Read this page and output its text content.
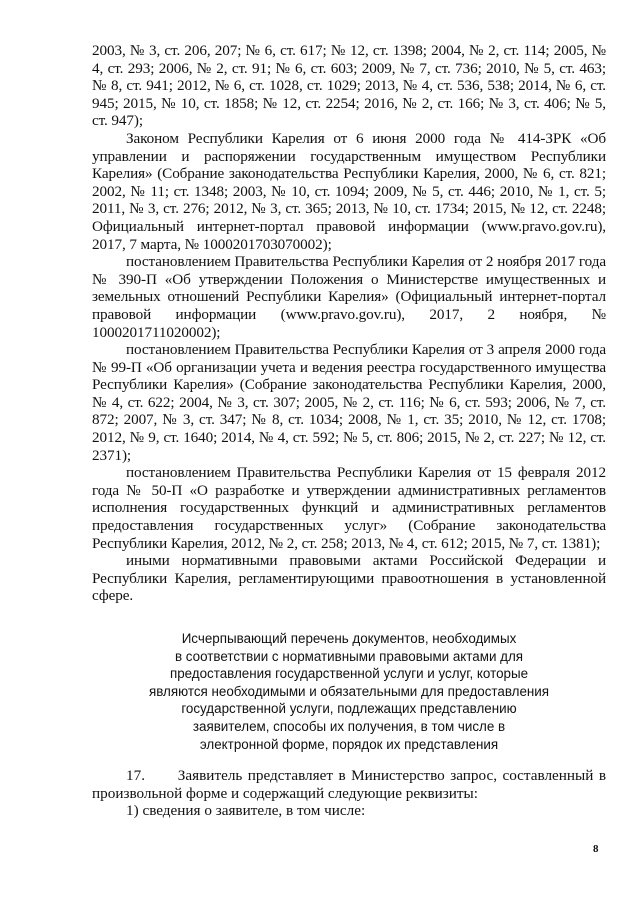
2003, № 3, ст. 206, 207; № 6, ст. 617; № 12, ст. 1398; 2004, № 2, ст. 114; 2005, № 4, ст. 293; 2006, № 2, ст. 91; № 6, ст. 603; 2009, № 7, ст. 736; 2010, № 5, ст. 463; № 8, ст. 941; 2012, № 6, ст. 1028, ст. 1029; 2013, № 4, ст. 536, 538; 2014, № 6, ст. 945; 2015, № 10, ст. 1858; № 12, ст. 2254; 2016, № 2, ст. 166; № 3, ст. 406; № 5, ст. 947);

Законом Республики Карелия от 6 июня 2000 года № 414-ЗРК «Об управлении и распоряжении государственным имуществом Республики Карелия» (Собрание законодательства Республики Карелия, 2000, № 6, ст. 821; 2002, № 11; ст. 1348; 2003, № 10, ст. 1094; 2009, № 5, ст. 446; 2010, № 1, ст. 5; 2011, № 3, ст. 276; 2012, № 3, ст. 365; 2013, № 10, ст. 1734; 2015, № 12, ст. 2248; Официальный интернет-портал правовой информации (www.pravo.gov.ru), 2017, 7 марта, № 1000201703070002);

постановлением Правительства Республики Карелия от 2 ноября 2017 года № 390-П «Об утверждении Положения о Министерстве имущественных и земельных отношений Республики Карелия» (Официальный интернет-портал правовой информации (www.pravo.gov.ru), 2017, 2 ноября, № 1000201711020002);

постановлением Правительства Республики Карелия от 3 апреля 2000 года № 99-П «Об организации учета и ведения реестра государственного имущества Республики Карелия» (Собрание законодательства Республики Карелия, 2000, № 4, ст. 622; 2004, № 3, ст. 307; 2005, № 2, ст. 116; № 6, ст. 593; 2006, № 7, ст. 872; 2007, № 3, ст. 347; № 8, ст. 1034; 2008, № 1, ст. 35; 2010, № 12, ст. 1708; 2012, № 9, ст. 1640; 2014, № 4, ст. 592; № 5, ст. 806; 2015, № 2, ст. 227; № 12, ст. 2371);

постановлением Правительства Республики Карелия от 15 февраля 2012 года № 50-П «О разработке и утверждении административных регламентов исполнения государственных функций и административных регламентов предоставления государственных услуг» (Собрание законодательства Республики Карелия, 2012, № 2, ст. 258; 2013, № 4, ст. 612; 2015, № 7, ст. 1381);

иными нормативными правовыми актами Российской Федерации и Республики Карелия, регламентирующими правоотношения в установленной сфере.

Исчерпывающий перечень документов, необходимых
в соответствии с нормативными правовыми актами для
предоставления государственной услуги и услуг, которые
являются необходимыми и обязательными для предоставления
государственной услуги, подлежащих представлению
заявителем, способы их получения, в том числе в
электронной форме, порядок их представления

17.      Заявитель представляет в Министерство запрос, составленный в произвольной форме и содержащий следующие реквизиты:

1) сведения о заявителе, в том числе:

8
